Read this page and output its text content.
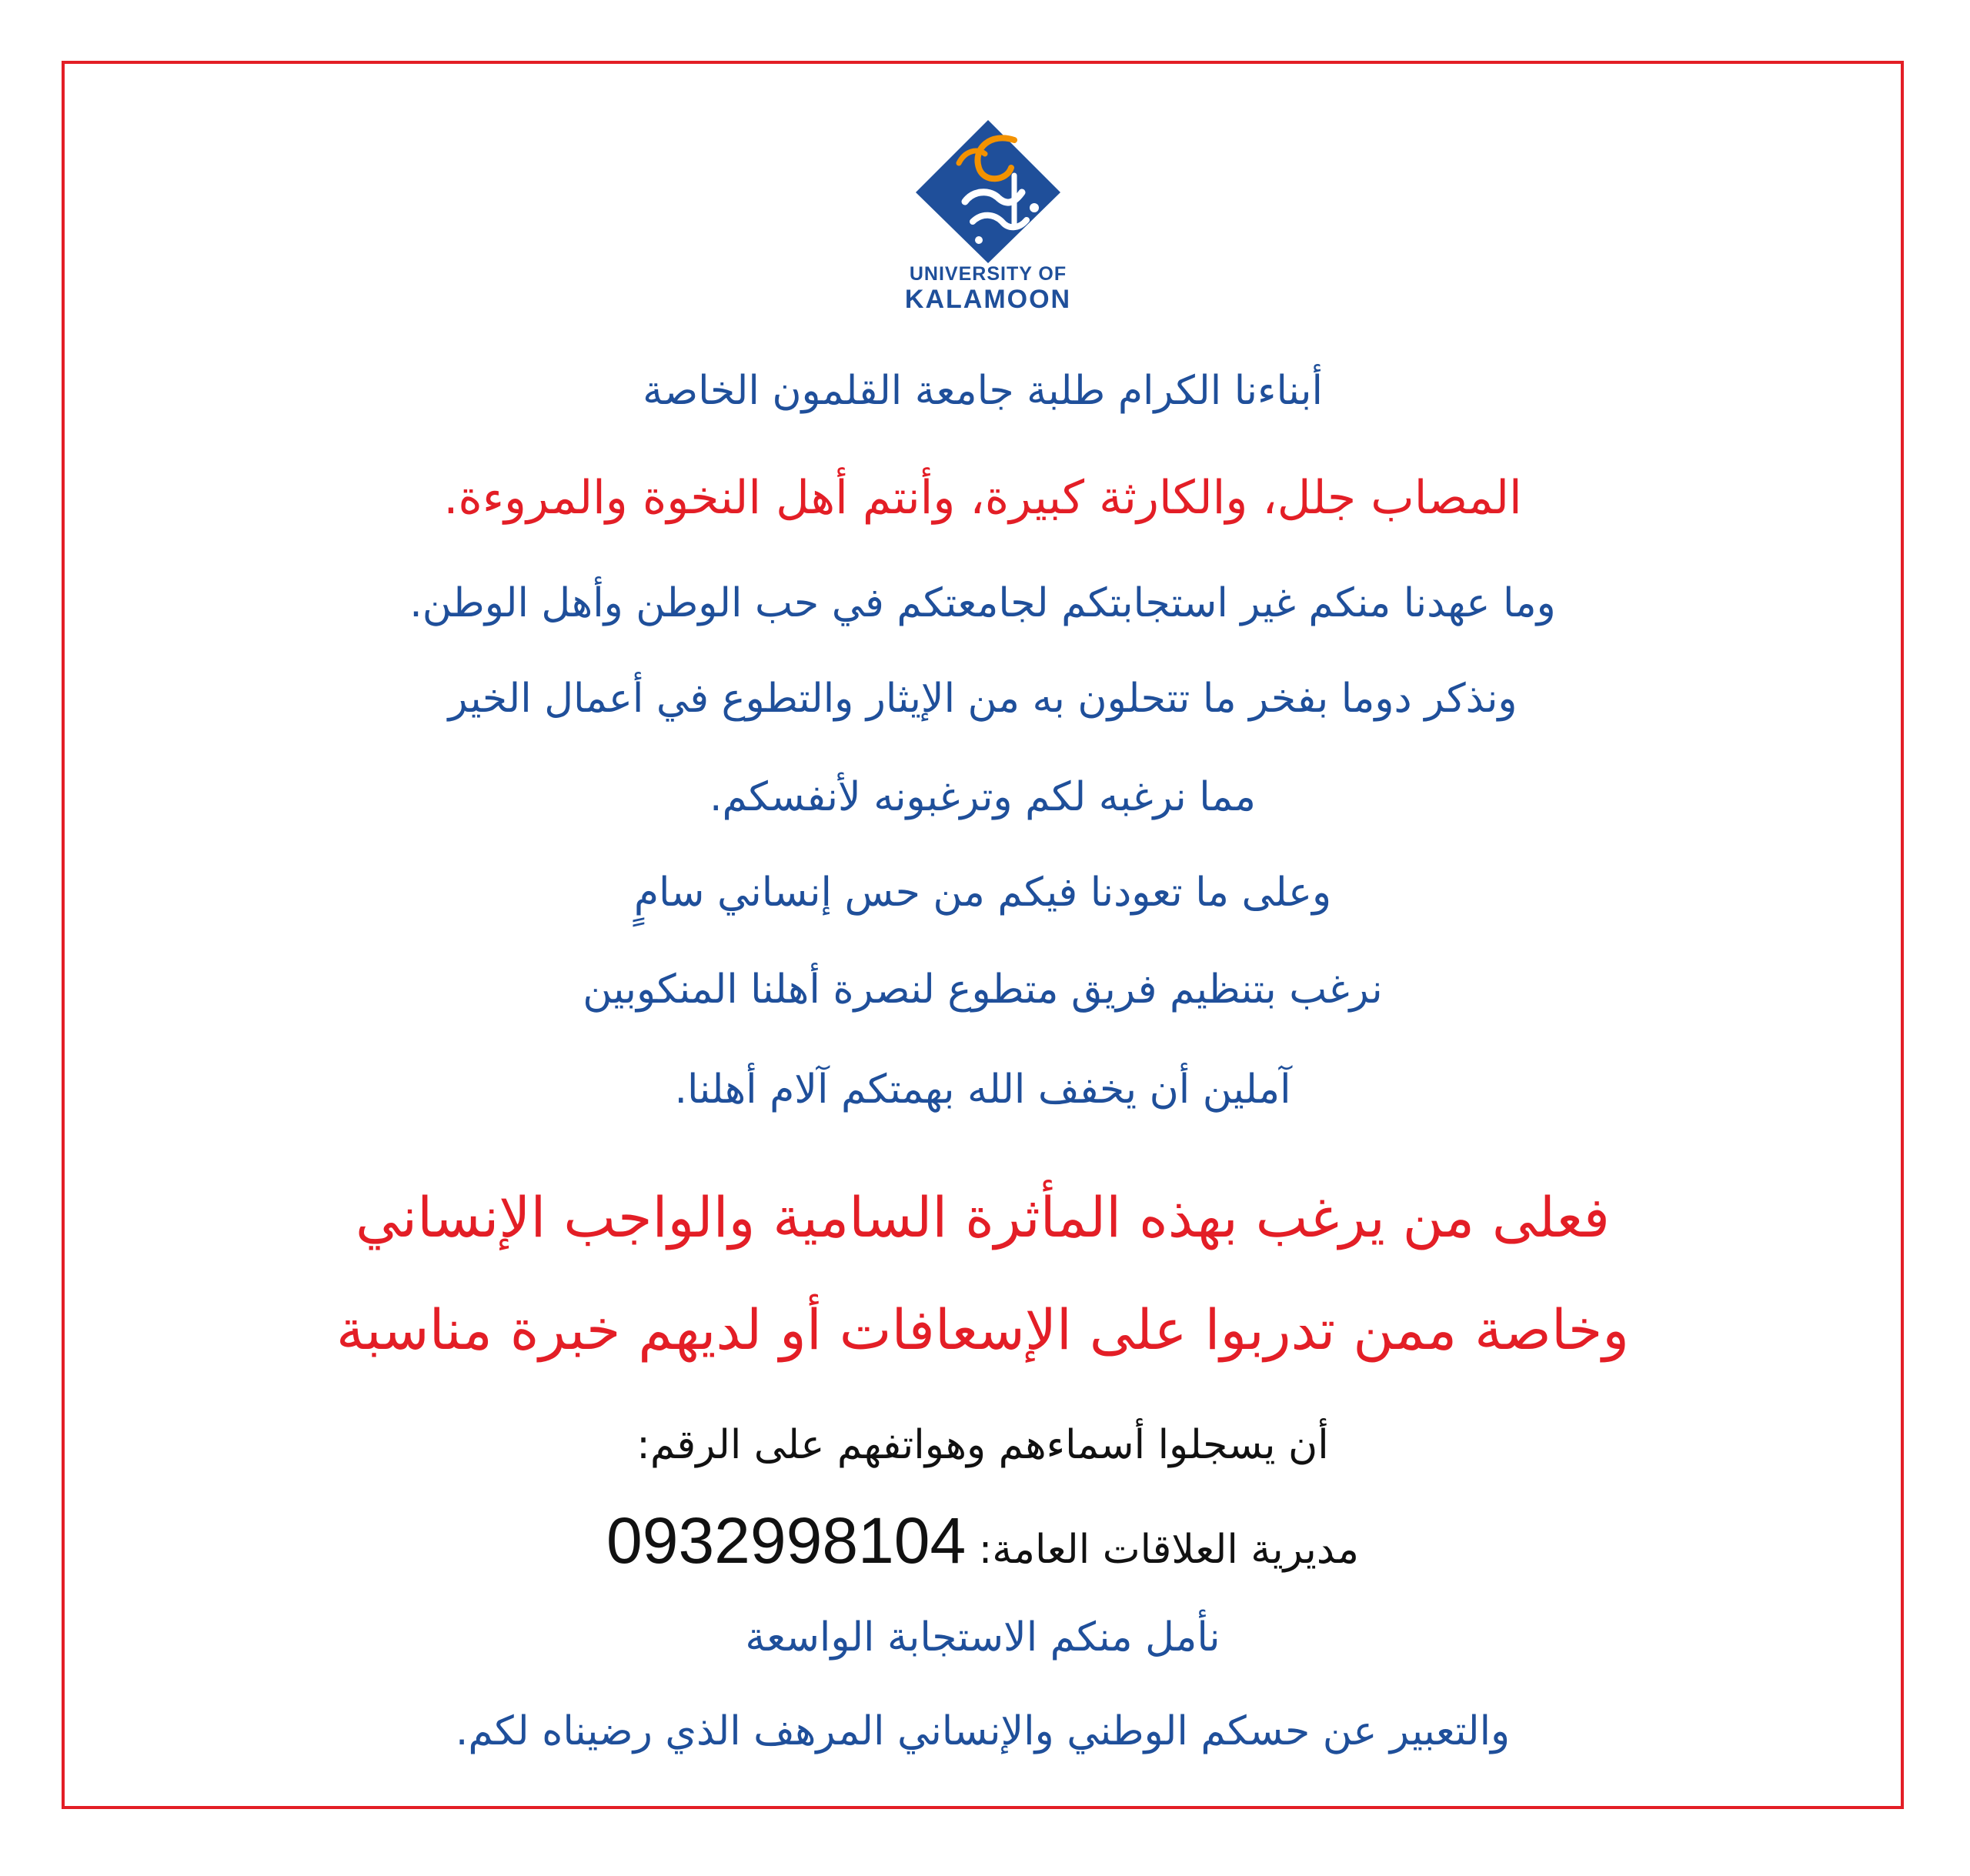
UNIVERSITY OF
KALAMOON
أبناءنا الكرام طلبة جامعة القلمون الخاصة
المصاب جلل، والكارثة كبيرة، وأنتم أهل النخوة والمروءة.
وما عهدنا منكم غير استجابتكم لجامعتكم في حب الوطن وأهل الوطن.
ونذكر دوما بفخر ما تتحلون به من الإيثار والتطوع في أعمال الخير
مما نرغبه لكم وترغبونه لأنفسكم.
وعلى ما تعودنا فيكم من حس إنساني سامٍ
نرغب بتنظيم فريق متطوع لنصرة أهلنا المنكوبين
آملين أن يخفف الله بهمتكم آلام أهلنا.
فعلى من يرغب بهذه المأثرة السامية والواجب الإنساني
وخاصة ممن تدربوا على الإسعافات أو لديهم خبرة مناسبة
أن يسجلوا أسماءهم وهواتفهم على الرقم:
مديرية العلاقات العامة: 0932998104
نأمل منكم الاستجابة الواسعة
والتعبير عن حسكم الوطني والإنساني المرهف الذي رضيناه لكم.
